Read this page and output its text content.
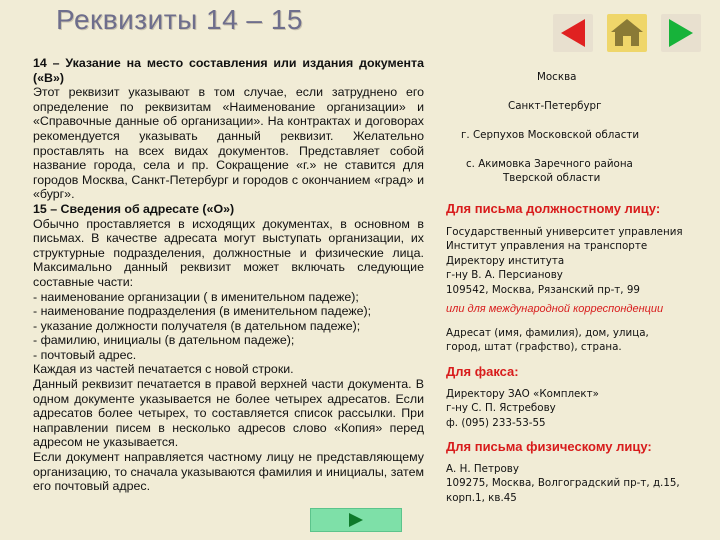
Реквизиты 14 – 15

14 – Указание на место составления или издания документа («В»)

Этот реквизит указывают в том случае, если затруднено его определение по реквизитам «Наименование организации» и «Справочные данные об организации». На контрактах и договорах рекомендуется указывать данный реквизит. Желательно проставлять на всех видах документов. Представляет собой название города, села и пр. Сокращение «г.» не ставится для городов Москва, Санкт-Петербург и городов с окончанием «град» и «бург».

15 – Сведения об адресате («О»)

Обычно проставляется в исходящих документах, в основном в письмах. В качестве адресата могут выступать организации, их структурные подразделения, должностные и физические лица. Максимально данный реквизит может включать следующие составные части:

- наименование организации ( в именительном падеже);

- наименование подразделения (в именительном падеже);

- указание должности получателя (в дательном падеже);

- фамилию, инициалы (в дательном падеже);

- почтовый адрес.

Каждая из частей печатается с новой строки.

Данный реквизит печатается в правой верхней части документа. В одном документе указывается не более четырех адресатов. Если адресатов более четырех, то составляется список рассылки. При направлении писем в несколько адресов слово «Копия» перед адресом не указывается.

Если документ направляется частному лицу не представляющему организацию, то сначала указываются фамилия и инициалы, затем его почтовый адрес.

Москва
Санкт-Петербург
г. Серпухов Московской области
с. Акимовка Заречного района
Тверской области
Для письма должностному лицу:
Государственный университет управления
Институт управления на транспорте
Директору института
г-ну В. А. Персианову
109542, Москва, Рязанский пр-т, 99
или для международной корреспонденции
Адресат (имя, фамилия), дом, улица,
город, штат (графство), страна.
Для факса:
Директору ЗАО «Комплект»
г-ну С. П. Ястребову
ф. (095) 233-53-55
Для письма физическому лицу:
А. Н. Петрову
109275, Москва, Волгоградский пр-т, д.15,
корп.1, кв.45
